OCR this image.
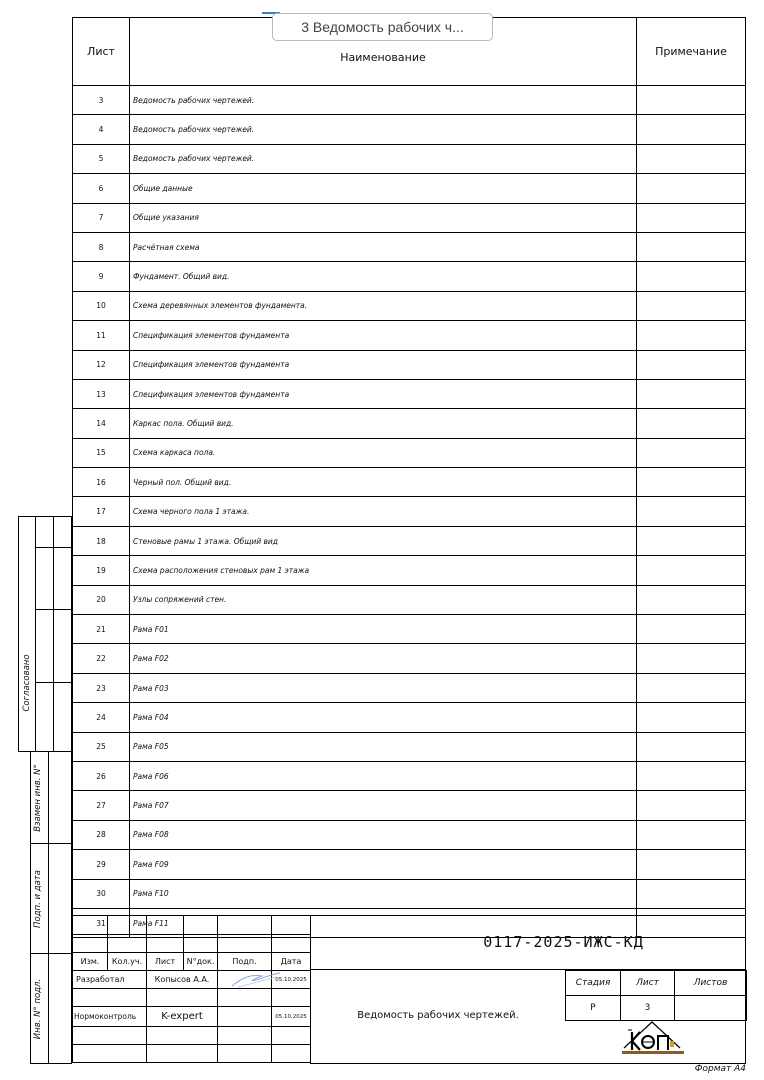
3 Ведомость рабочих ч...
Лист	Наименование	Примечание
3	Ведомость рабочих чертежей.	
4	Ведомость рабочих чертежей.	
5	Ведомость рабочих чертежей.	
6	Общие данные	
7	Общие указания	
8	Расчётная схема	
9	Фундамент. Общий вид.	
10	Схема деревянных элементов фундамента.	
11	Спецификация элементов фундамента	
12	Спецификация элементов фундамента	
13	Спецификация элементов фундамента	
14	Каркас пола. Общий вид.	
15	Схема каркаса пола.	
16	Черный пол. Общий вид.	
17	Схема черного пола 1 этажа.	
18	Стеновые рамы 1 этажа. Общий вид	
19	Схема расположения стеновых рам 1 этажа	
20	Узлы сопряжений стен.	
21	Рама F01	
22	Рама F02	
23	Рама F03	
24	Рама F04	
25	Рама F05	
26	Рама F06	
27	Рама F07	
28	Рама F08	
29	Рама F09	
30	Рама F10	
31	Рама F11	
Согласовано
Взамен инв. N°
Подп. и дата
Инв. N° подл.

Изм.	Кол.уч.	Лист	N°док.	Подп.	Дата
Разработал	Копысов А.А.		05.10.2025

Нормоконтроль	K-expert		05.10.2025

0117-2025-ИЖС-КД
Ведомость рабочих чертежей.
Стадия	Лист	Листов
Р	3	
Формат А4
